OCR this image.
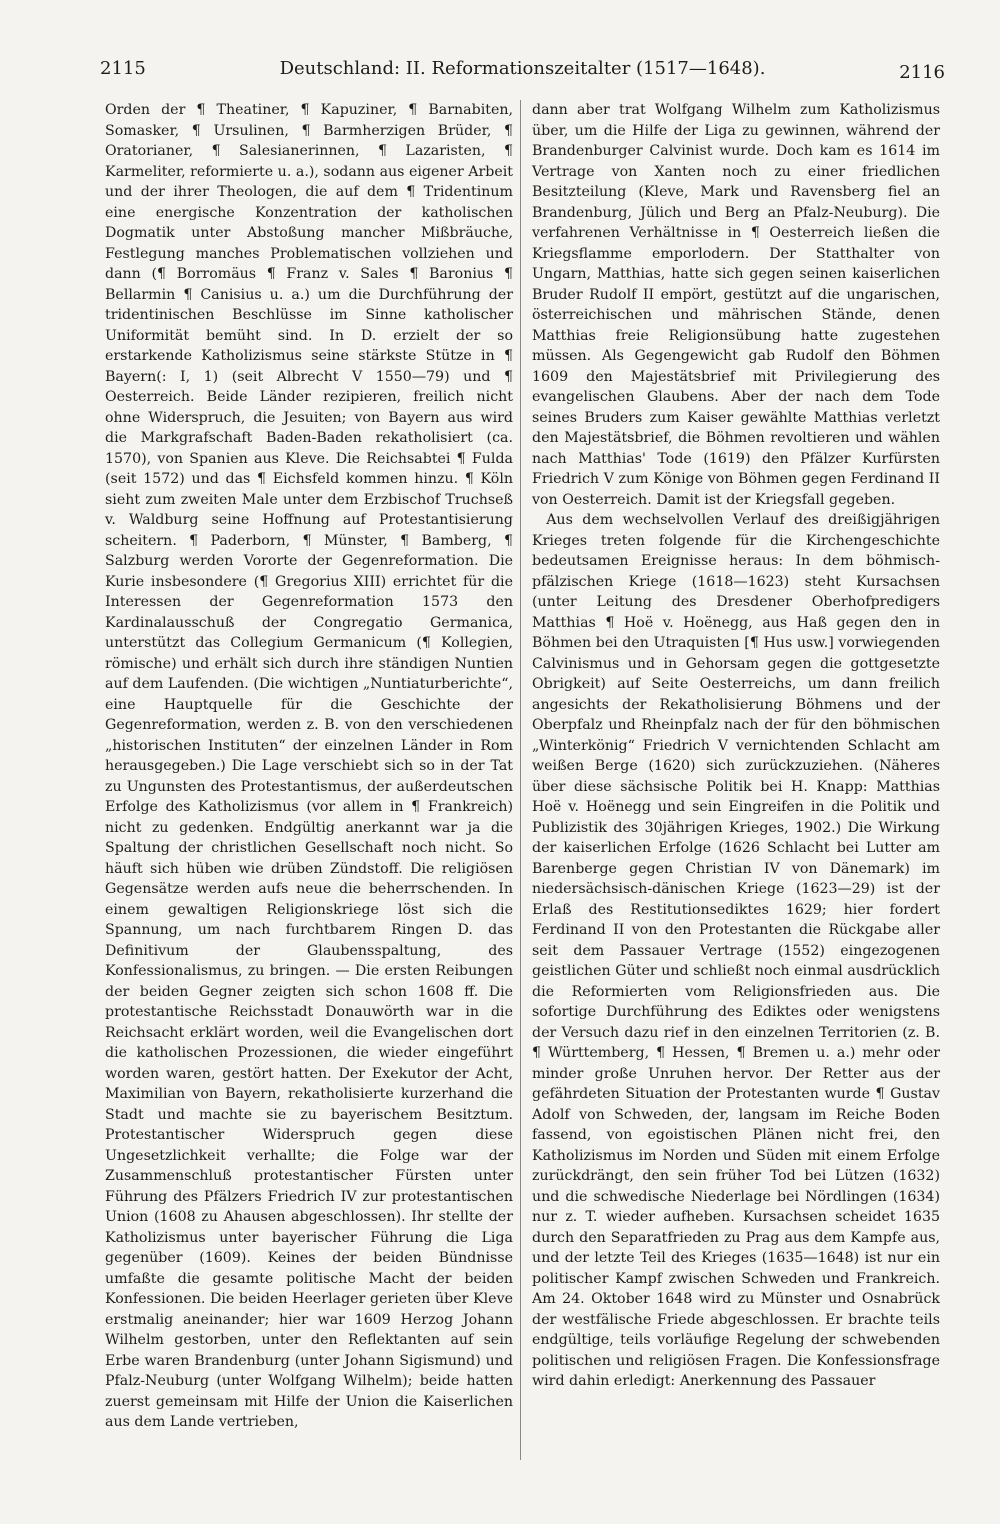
2115	Deutschland: II. Reformationszeitalter (1517—1648).	2116

Orden der ¶ Theatiner, ¶ Kapuziner, ¶ Barnabiten, Somasker, ¶ Ursulinen, ¶ Barmherzigen Brüder, ¶ Oratorianer, ¶ Salesianerinnen, ¶ Lazaristen, ¶ Karmeliter, reformierte u. a.), sodann aus eigener Arbeit und der ihrer Theologen, die auf dem ¶ Tridentinum eine energische Konzentration der katholischen Dogmatik unter Abstoßung mancher Mißbräuche, Festlegung manches Problematischen vollziehen und dann (¶ Borromäus ¶ Franz v. Sales ¶ Baronius ¶ Bellarmin ¶ Canisius u. a.) um die Durchführung der tridentinischen Beschlüsse im Sinne katholischer Uniformität bemüht sind. In D. erzielt der so erstarkende Katholizismus seine stärkste Stütze in ¶ Bayern(: I, 1) (seit Albrecht V 1550—79) und ¶ Oesterreich. Beide Länder rezipieren, freilich nicht ohne Widerspruch, die Jesuiten; von Bayern aus wird die Markgrafschaft Baden-Baden rekatholisiert (ca. 1570), von Spanien aus Kleve. Die Reichsabtei ¶ Fulda (seit 1572) und das ¶ Eichsfeld kommen hinzu. ¶ Köln sieht zum zweiten Male unter dem Erzbischof Truchseß v. Waldburg seine Hoffnung auf Protestantisierung scheitern. ¶ Paderborn, ¶ Münster, ¶ Bamberg, ¶ Salzburg werden Vororte der Gegenreformation. Die Kurie insbesondere (¶ Gregorius XIII) errichtet für die Interessen der Gegenreformation 1573 den Kardinalausschuß der Congregatio Germanica, unterstützt das Collegium Germanicum (¶ Kollegien, römische) und erhält sich durch ihre ständigen Nuntien auf dem Laufenden. (Die wichtigen „Nuntiaturberichte“, eine Hauptquelle für die Geschichte der Gegenreformation, werden z. B. von den verschiedenen „historischen Instituten“ der einzelnen Länder in Rom herausgegeben.) Die Lage verschiebt sich so in der Tat zu Ungunsten des Protestantismus, der außerdeutschen Erfolge des Katholizismus (vor allem in ¶ Frankreich) nicht zu gedenken. Endgültig anerkannt war ja die Spaltung der christlichen Gesellschaft noch nicht. So häuft sich hüben wie drüben Zündstoff. Die religiösen Gegensätze werden aufs neue die beherrschenden. In einem gewaltigen Religionskriege löst sich die Spannung, um nach furchtbarem Ringen D. das Definitivum der Glaubensspaltung, des Konfessionalismus, zu bringen. — Die ersten Reibungen der beiden Gegner zeigten sich schon 1608 ff. Die protestantische Reichsstadt Donauwörth war in die Reichsacht erklärt worden, weil die Evangelischen dort die katholischen Prozessionen, die wieder eingeführt worden waren, gestört hatten. Der Exekutor der Acht, Maximilian von Bayern, rekatholisierte kurzerhand die Stadt und machte sie zu bayerischem Besitztum. Protestantischer Widerspruch gegen diese Ungesetzlichkeit verhallte; die Folge war der Zusammenschluß protestantischer Fürsten unter Führung des Pfälzers Friedrich IV zur protestantischen Union (1608 zu Ahausen abgeschlossen). Ihr stellte der Katholizismus unter bayerischer Führung die Liga gegenüber (1609). Keines der beiden Bündnisse umfaßte die gesamte politische Macht der beiden Konfessionen. Die beiden Heerlager gerieten über Kleve erstmalig aneinander; hier war 1609 Herzog Johann Wilhelm gestorben, unter den Reflektanten auf sein Erbe waren Brandenburg (unter Johann Sigismund) und Pfalz-Neuburg (unter Wolfgang Wilhelm); beide hatten zuerst gemeinsam mit Hilfe der Union die Kaiserlichen aus dem Lande vertrieben,

dann aber trat Wolfgang Wilhelm zum Katholizismus über, um die Hilfe der Liga zu gewinnen, während der Brandenburger Calvinist wurde. Doch kam es 1614 im Vertrage von Xanten noch zu einer friedlichen Besitzteilung (Kleve, Mark und Ravensberg fiel an Brandenburg, Jülich und Berg an Pfalz-Neuburg). Die verfahrenen Verhältnisse in ¶ Oesterreich ließen die Kriegsflamme emporlodern. Der Statthalter von Ungarn, Matthias, hatte sich gegen seinen kaiserlichen Bruder Rudolf II empört, gestützt auf die ungarischen, österreichischen und mährischen Stände, denen Matthias freie Religionsübung hatte zugestehen müssen. Als Gegengewicht gab Rudolf den Böhmen 1609 den Majestätsbrief mit Privilegierung des evangelischen Glaubens. Aber der nach dem Tode seines Bruders zum Kaiser gewählte Matthias verletzt den Majestätsbrief, die Böhmen revoltieren und wählen nach Matthias' Tode (1619) den Pfälzer Kurfürsten Friedrich V zum Könige von Böhmen gegen Ferdinand II von Oesterreich. Damit ist der Kriegsfall gegeben.

Aus dem wechselvollen Verlauf des dreißigjährigen Krieges treten folgende für die Kirchengeschichte bedeutsamen Ereignisse heraus: In dem böhmisch-pfälzischen Kriege (1618—1623) steht Kursachsen (unter Leitung des Dresdener Oberhofpredigers Matthias ¶ Hoë v. Hoënegg, aus Haß gegen den in Böhmen bei den Utraquisten [¶ Hus usw.] vorwiegenden Calvinismus und in Gehorsam gegen die gottgesetzte Obrigkeit) auf Seite Oesterreichs, um dann freilich angesichts der Rekatholisierung Böhmens und der Oberpfalz und Rheinpfalz nach der für den böhmischen „Winterkönig“ Friedrich V vernichtenden Schlacht am weißen Berge (1620) sich zurückzuziehen. (Näheres über diese sächsische Politik bei H. Knapp: Matthias Hoë v. Hoënegg und sein Eingreifen in die Politik und Publizistik des 30jährigen Krieges, 1902.) Die Wirkung der kaiserlichen Erfolge (1626 Schlacht bei Lutter am Barenberge gegen Christian IV von Dänemark) im niedersächsisch-dänischen Kriege (1623—29) ist der Erlaß des Restitutionsediktes 1629; hier fordert Ferdinand II von den Protestanten die Rückgabe aller seit dem Passauer Vertrage (1552) eingezogenen geistlichen Güter und schließt noch einmal ausdrücklich die Reformierten vom Religionsfrieden aus. Die sofortige Durchführung des Ediktes oder wenigstens der Versuch dazu rief in den einzelnen Territorien (z. B. ¶ Württemberg, ¶ Hessen, ¶ Bremen u. a.) mehr oder minder große Unruhen hervor. Der Retter aus der gefährdeten Situation der Protestanten wurde ¶ Gustav Adolf von Schweden, der, langsam im Reiche Boden fassend, von egoistischen Plänen nicht frei, den Katholizismus im Norden und Süden mit einem Erfolge zurückdrängt, den sein früher Tod bei Lützen (1632) und die schwedische Niederlage bei Nördlingen (1634) nur z. T. wieder aufheben. Kursachsen scheidet 1635 durch den Separatfrieden zu Prag aus dem Kampfe aus, und der letzte Teil des Krieges (1635—1648) ist nur ein politischer Kampf zwischen Schweden und Frankreich. Am 24. Oktober 1648 wird zu Münster und Osnabrück der westfälische Friede abgeschlossen. Er brachte teils endgültige, teils vorläufige Regelung der schwebenden politischen und religiösen Fragen. Die Konfessionsfrage wird dahin erledigt: Anerkennung des Passauer
